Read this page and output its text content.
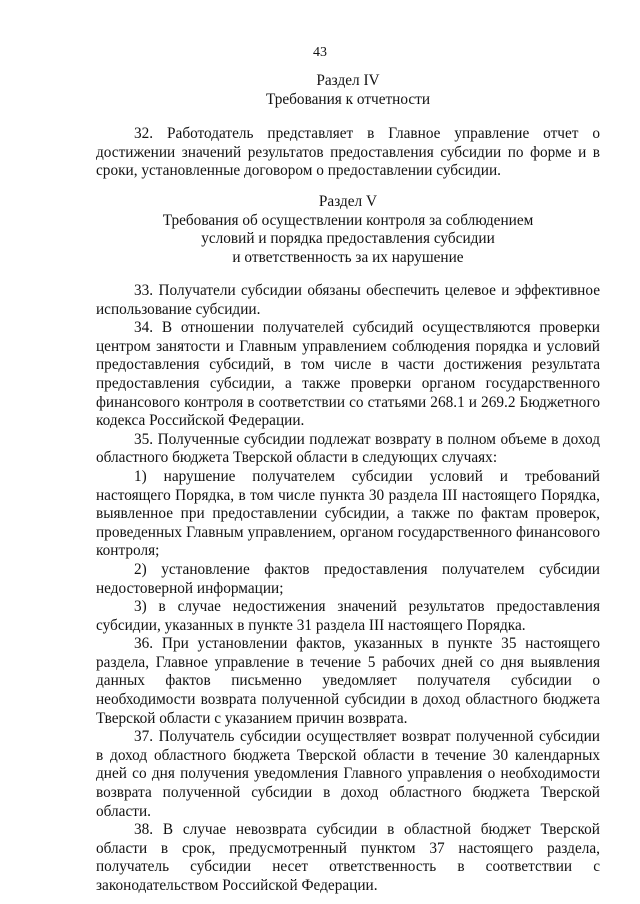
43
Раздел IV
Требования к отчетности

32. Работодатель представляет в Главное управление отчет о достижении значений результатов предоставления субсидии по форме и в сроки, установленные договором о предоставлении субсидии.

Раздел V
Требования об осуществлении контроля за соблюдением
условий и порядка предоставления субсидии
и ответственность за их нарушение

33. Получатели субсидии обязаны обеспечить целевое и эффективное использование субсидии.

34. В отношении получателей субсидий осуществляются проверки центром занятости и Главным управлением соблюдения порядка и условий предоставления субсидий, в том числе в части достижения результата предоставления субсидии, а также проверки органом государственного финансового контроля в соответствии со статьями 268.1 и 269.2 Бюджетного кодекса Российской Федерации.

35. Полученные субсидии подлежат возврату в полном объеме в доход областного бюджета Тверской области в следующих случаях:

1) нарушение получателем субсидии условий и требований настоящего Порядка, в том числе пункта 30 раздела III настоящего Порядка, выявленное при предоставлении субсидии, а также по фактам проверок, проведенных Главным управлением, органом государственного финансового контроля;

2) установление фактов предоставления получателем субсидии недостоверной информации;

3) в случае недостижения значений результатов предоставления субсидии, указанных в пункте 31 раздела III настоящего Порядка.

36. При установлении фактов, указанных в пункте 35 настоящего раздела, Главное управление в течение 5 рабочих дней со дня выявления данных фактов письменно уведомляет получателя субсидии о необходимости возврата полученной субсидии в доход областного бюджета Тверской области с указанием причин возврата.

37. Получатель субсидии осуществляет возврат полученной субсидии в доход областного бюджета Тверской области в течение 30 календарных дней со дня получения уведомления Главного управления о необходимости возврата полученной субсидии в доход областного бюджета Тверской области.

38. В случае невозврата субсидии в областной бюджет Тверской области в срок, предусмотренный пунктом 37 настоящего раздела, получатель субсидии несет ответственность в соответствии с законодательством Российской Федерации.
